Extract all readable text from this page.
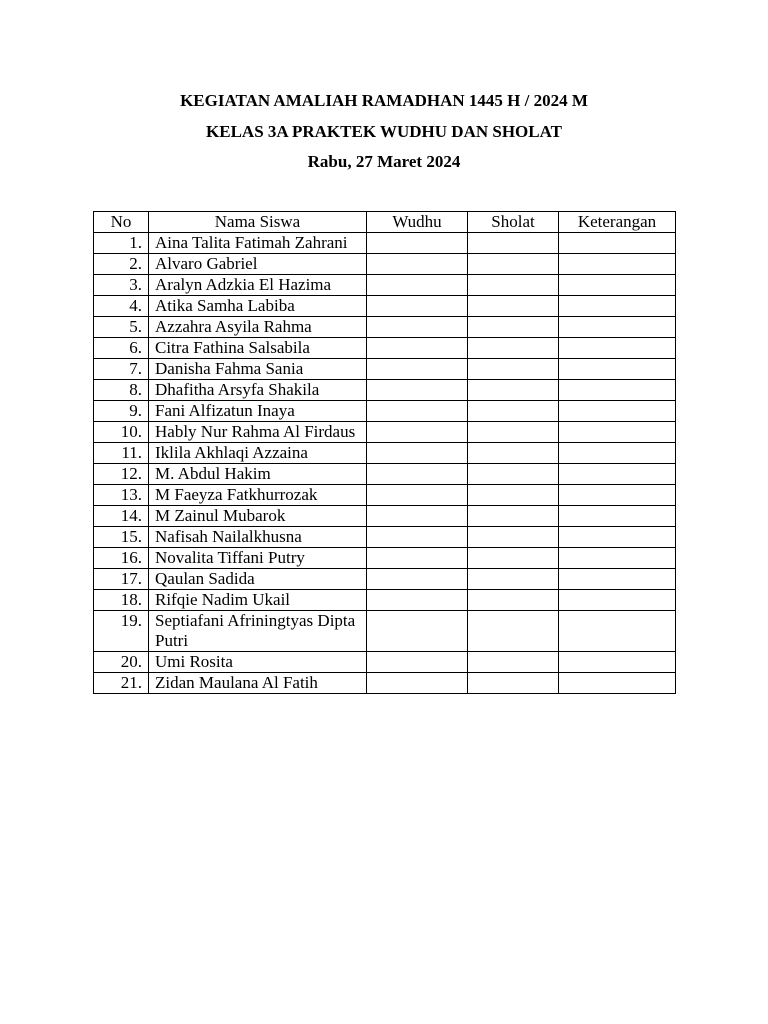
KEGIATAN AMALIAH RAMADHAN 1445 H / 2024 M
KELAS 3A PRAKTEK WUDHU DAN SHOLAT
Rabu, 27 Maret 2024
No	Nama Siswa	Wudhu	Sholat	Keterangan
1.	Aina Talita Fatimah Zahrani			
2.	Alvaro Gabriel			
3.	Aralyn Adzkia El Hazima			
4.	Atika Samha Labiba			
5.	Azzahra Asyila Rahma			
6.	Citra Fathina Salsabila			
7.	Danisha Fahma Sania			
8.	Dhafitha Arsyfa Shakila			
9.	Fani Alfizatun Inaya			
10.	Hably Nur Rahma Al Firdaus			
11.	Iklila Akhlaqi Azzaina			
12.	M. Abdul Hakim			
13.	M Faeyza Fatkhurrozak			
14.	M Zainul Mubarok			
15.	Nafisah Nailalkhusna			
16.	Novalita Tiffani Putry			
17.	Qaulan Sadida			
18.	Rifqie Nadim Ukail			
19.	Septiafani Afriningtyas Dipta Putri			
20.	Umi Rosita			
21.	Zidan Maulana Al Fatih			
